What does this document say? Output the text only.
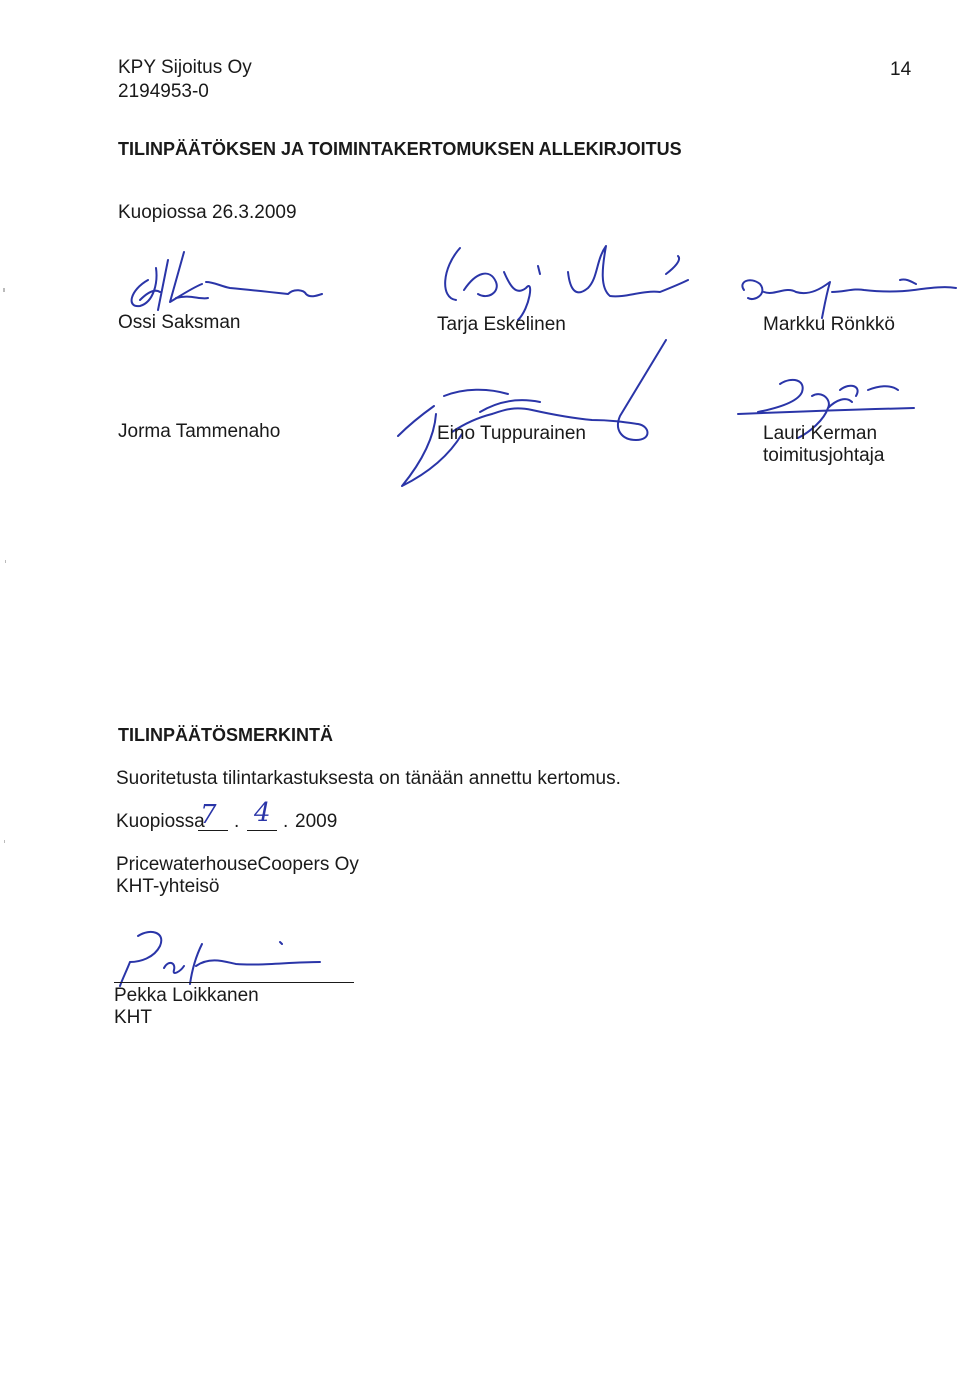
KPY Sijoitus Oy
2194953-0
14
TILINPÄÄTÖKSEN JA TOIMINTAKERTOMUKSEN ALLEKIRJOITUS
Kuopiossa 26.3.2009
Ossi Saksman	Tarja Eskelinen	Markku Rönkkö
Jorma Tammenaho	Eino Tuppurainen	Lauri Kerman
toimitusjohtaja
TILINPÄÄTÖSMERKINTÄ
Suoritetusta tilintarkastuksesta on tänään annettu kertomus.
Kuopiossa
7 . 4 . 2009
PricewaterhouseCoopers Oy
KHT-yhteisö
Pekka Loikkanen
KHT
